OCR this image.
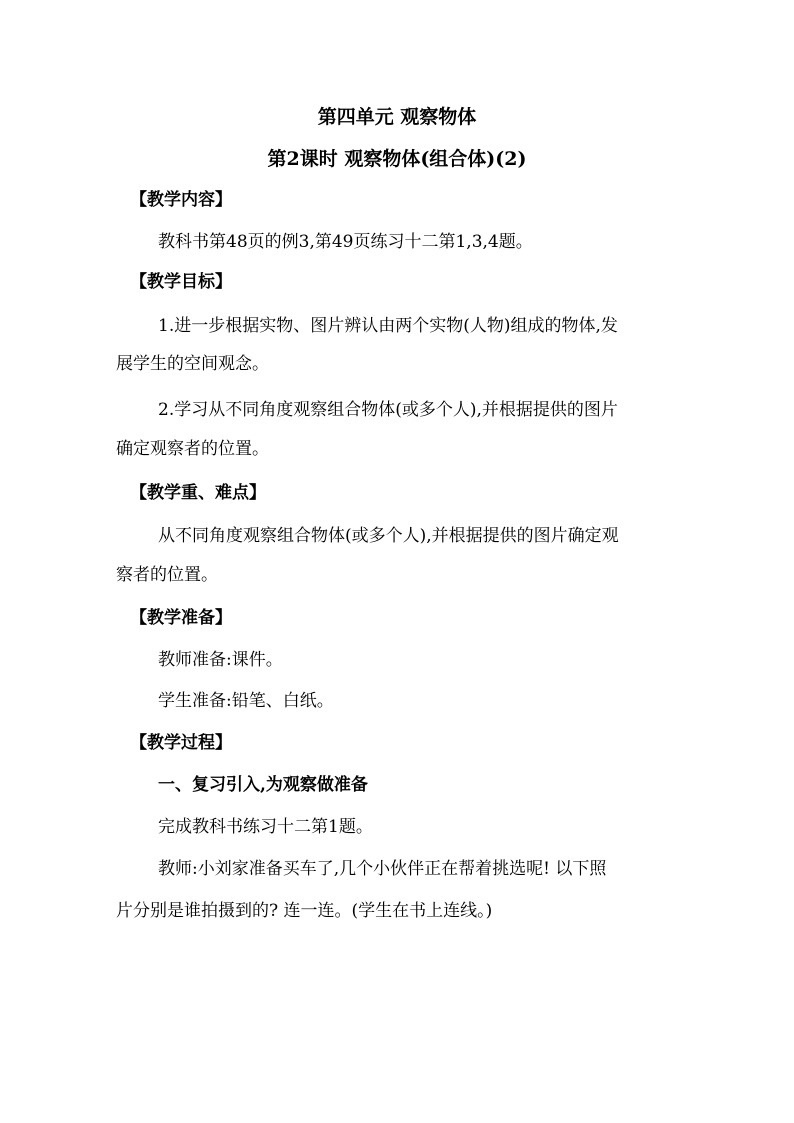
第四单元 观察物体
第2课时 观察物体(组合体)(2)
【教学内容】
教科书第48页的例3,第49页练习十二第1,3,4题。
【教学目标】
1.进一步根据实物、图片辨认由两个实物(人物)组成的物体,发
展学生的空间观念。
2.学习从不同角度观察组合物体(或多个人),并根据提供的图片
确定观察者的位置。
【教学重、难点】
从不同角度观察组合物体(或多个人),并根据提供的图片确定观
察者的位置。
【教学准备】
教师准备:课件。
学生准备:铅笔、白纸。
【教学过程】
一、复习引入,为观察做准备
完成教科书练习十二第1题。
教师:小刘家准备买车了,几个小伙伴正在帮着挑选呢! 以下照
片分别是谁拍摄到的? 连一连。(学生在书上连线。)
